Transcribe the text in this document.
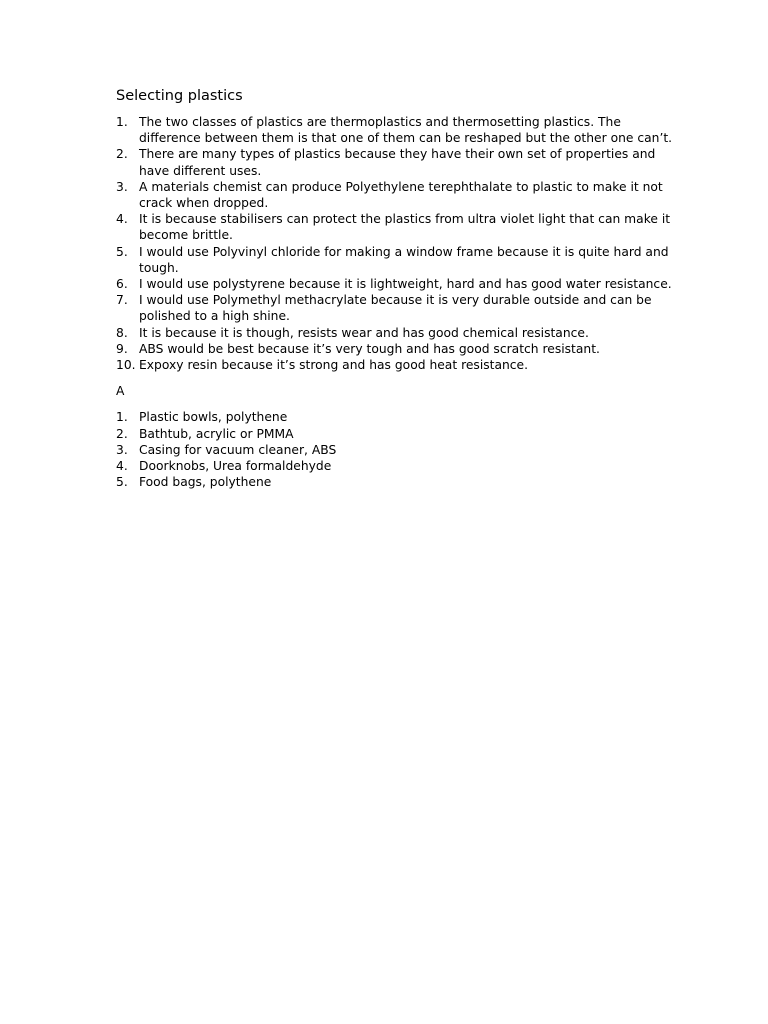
Selecting plastics
1. The two classes of plastics are thermoplastics and thermosetting plastics. The difference between them is that one of them can be reshaped but the other one can’t.
2. There are many types of plastics because they have their own set of properties and have different uses.
3. A materials chemist can produce Polyethylene terephthalate to plastic to make it not crack when dropped.
4. It is because stabilisers can protect the plastics from ultra violet light that can make it become brittle.
5. I would use Polyvinyl chloride for making a window frame because it is quite hard and tough.
6. I would use polystyrene because it is lightweight, hard and has good water resistance.
7. I would use Polymethyl methacrylate because it is very durable outside and can be polished to a high shine.
8. It is because it is though, resists wear and has good chemical resistance.
9. ABS would be best because it’s very tough and has good scratch resistant.
10. Expoxy resin because it’s strong and has good heat resistance.
A
1. Plastic bowls, polythene
2. Bathtub, acrylic or PMMA
3. Casing for vacuum cleaner, ABS
4. Doorknobs, Urea formaldehyde
5. Food bags, polythene
